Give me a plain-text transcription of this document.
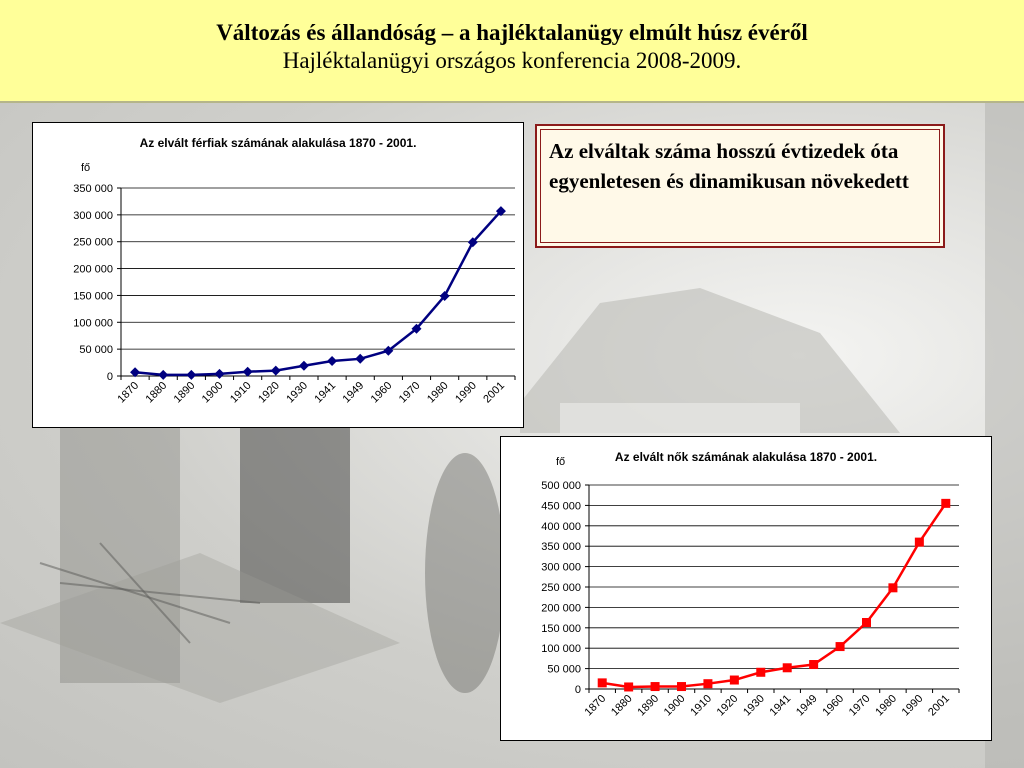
Változás és állandóság – a hajléktalanügy elmúlt húsz évéről
Hajléktalanügyi országos konferencia 2008-2009.
Az elvált férfiak számának alakulása 1870 - 2001.
fő
0
50 000
100 000
150 000
200 000
250 000
300 000
350 000
1870 1880 1890 1900 1910 1920 1930 1941 1949 1960 1970 1980 1990 2001
Az elváltak száma hosszú évtizedek óta egyenletesen és dinamikusan növekedett
Az elvált nők számának alakulása 1870 - 2001.
fő
0
50 000
100 000
150 000
200 000
250 000
300 000
350 000
400 000
450 000
500 000
1870 1880 1890 1900 1910 1920 1930 1941 1949 1960 1970 1980 1990 2001
